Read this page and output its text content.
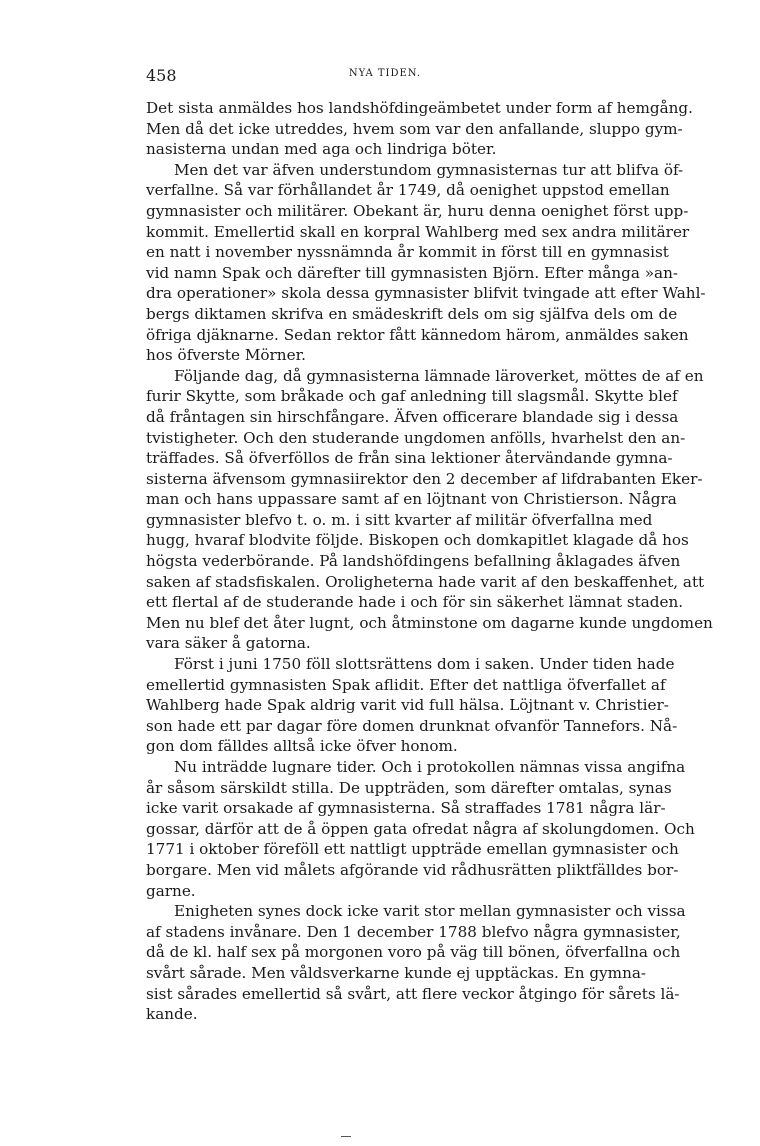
458	NYA TIDEN.
Det sista anmäldes hos landshöfdingeämbetet under form af hemgång.
Men då det icke utreddes, hvem som var den anfallande, sluppo gym-
nasisterna undan med aga och lindriga böter.
Men det var äfven understundom gymnasisternas tur att blifva öf-
verfallne. Så var förhållandet år 1749, då oenighet uppstod emellan
gymnasister och militärer. Obekant är, huru denna oenighet först upp-
kommit. Emellertid skall en korpral Wahlberg med sex andra militärer
en natt i november nyssnämnda år kommit in först till en gymnasist
vid namn Spak och därefter till gymnasisten Björn. Efter många »an-
dra operationer» skola dessa gymnasister blifvit tvingade att efter Wahl-
bergs diktamen skrifva en smädeskrift dels om sig själfva dels om de
öfriga djäknarne. Sedan rektor fått kännedom härom, anmäldes saken
hos öfverste Mörner.
Följande dag, då gymnasisterna lämnade läroverket, möttes de af en
furir Skytte, som bråkade och gaf anledning till slagsmål. Skytte blef
då fråntagen sin hirschfångare. Äfven officerare blandade sig i dessa
tvistigheter. Och den studerande ungdomen anfölls, hvarhelst den an-
träffades. Så öfverföllos de från sina lektioner återvändande gymna-
sisterna äfvensom gymnasiirektor den 2 december af lifdrabanten Eker-
man och hans uppassare samt af en löjtnant von Christierson. Några
gymnasister blefvo t. o. m. i sitt kvarter af militär öfverfallna med
hugg, hvaraf blodvite följde. Biskopen och domkapitlet klagade då hos
högsta vederbörande. På landshöfdingens befallning åklagades äfven
saken af stadsfiskalen. Oroligheterna hade varit af den beskaffenhet, att
ett flertal af de studerande hade i och för sin säkerhet lämnat staden.
Men nu blef det åter lugnt, och åtminstone om dagarne kunde ungdomen
vara säker å gatorna.
Först i juni 1750 föll slottsrättens dom i saken. Under tiden hade
emellertid gymnasisten Spak aflidit. Efter det nattliga öfverfallet af
Wahlberg hade Spak aldrig varit vid full hälsa. Löjtnant v. Christier-
son hade ett par dagar före domen drunknat ofvanför Tannefors. Nå-
gon dom fälldes alltså icke öfver honom.
Nu inträdde lugnare tider. Och i protokollen nämnas vissa angifna
år såsom särskildt stilla. De uppträden, som därefter omtalas, synas
icke varit orsakade af gymnasisterna. Så straffades 1781 några lär-
gossar, därför att de å öppen gata ofredat några af skolungdomen. Och
1771 i oktober föreföll ett nattligt uppträde emellan gymnasister och
borgare. Men vid målets afgörande vid rådhusrätten pliktfälldes bor-
garne.
Enigheten synes dock icke varit stor mellan gymnasister och vissa
af stadens invånare. Den 1 december 1788 blefvo några gymnasister,
då de kl. half sex på morgonen voro på väg till bönen, öfverfallna och
svårt sårade. Men våldsverkarne kunde ej upptäckas. En gymna-
sist sårades emellertid så svårt, att flere veckor åtgingo för sårets lä-
kande.
